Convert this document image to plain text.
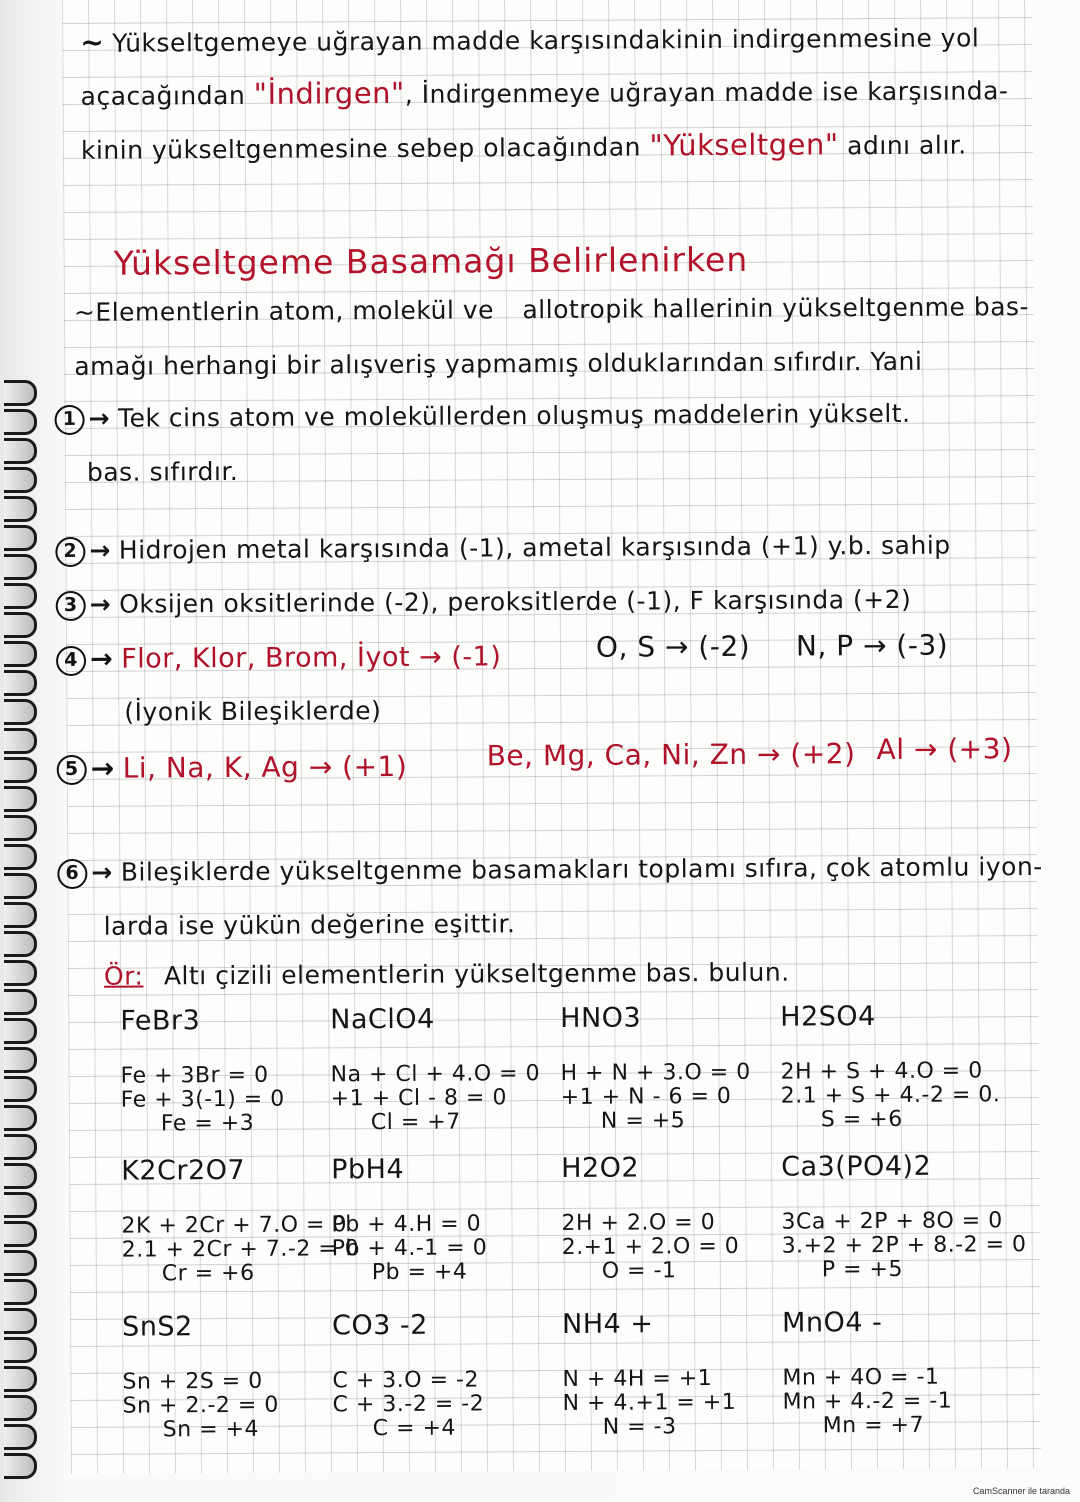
~ Yükseltgemeye uğrayan madde karşısındakinin indirgenmesine yol
açacağından "İndirgen", İndirgenmeye uğrayan madde ise karşısında-
kinin yükseltgenmesine sebep olacağından "Yükseltgen" adını alır.
Yükseltgeme Basamağı Belirlenirken
~Elementlerin atom, molekül ve allotropik hallerinin yükseltgenme bas-
amağı herhangi bir alışveriş yapmamış olduklarından sıfırdır. Yani
1 → Tek cins atom ve moleküllerden oluşmuş maddelerin yükselt.
bas. sıfırdır.
2 → Hidrojen metal karşısında (-1), ametal karşısında (+1) y.b. sahip
3 → Oksijen oksitlerinde (-2), peroksitlerde (-1), F karşısında (+2)
4 → Flor, Klor, Brom, İyot → (-1)	O, S → (-2) N, P → (-3)
(İyonik Bileşiklerde)
5 → Li, Na, K, Ag → (+1)	Be, Mg, Ca, Ni, Zn → (+2) Al → (+3)
6 → Bileşiklerde yükseltgenme basamakları toplamı sıfıra, çok atomlu iyon-
larda ise yükün değerine eşittir.
Ör: Altı çizili elementlerin yükseltgenme bas. bulun.
FeBr3
Fe + 3Br = 0
Fe + 3(-1) = 0
Fe = +3
NaClO4
Na + Cl + 4.O = 0
+1 + Cl - 8 = 0
Cl = +7
HNO3
H + N + 3.O = 0
+1 + N - 6 = 0
N = +5
H2SO4
2H + S + 4.O = 0
2.1 + S + 4.-2 = 0.
S = +6
K2Cr2O7
2K + 2Cr + 7.O = 0
2.1 + 2Cr + 7.-2 = 0
Cr = +6
PbH4
Pb + 4.H = 0
Pb + 4.-1 = 0
Pb = +4
H2O2
2H + 2.O = 0
2.+1 + 2.O = 0
O = -1
Ca3(PO4)2
3Ca + 2P + 8O = 0
3.+2 + 2P + 8.-2 = 0
P = +5
SnS2
Sn + 2S = 0
Sn + 2.-2 = 0
Sn = +4
CO3 -2
C + 3.O = -2
C + 3.-2 = -2
C = +4
NH4 +
N + 4H = +1
N + 4.+1 = +1
N = -3
MnO4 -
Mn + 4O = -1
Mn + 4.-2 = -1
Mn = +7
CamScanner ile taranda
